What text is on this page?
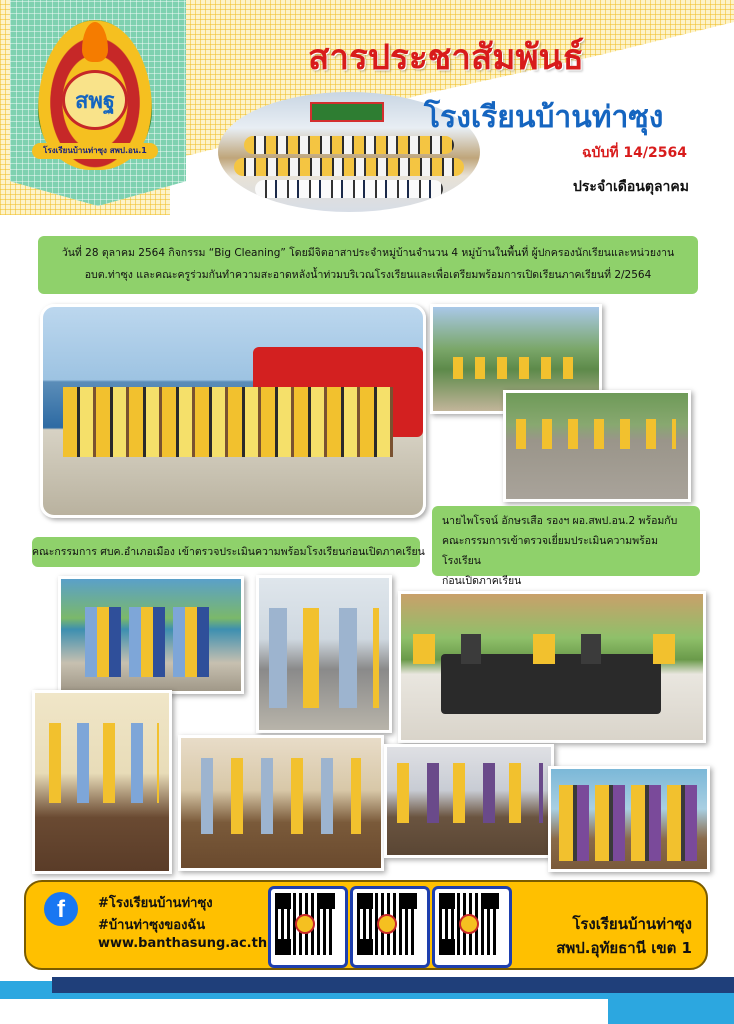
สพฐ
โรงเรียนบ้านท่าซุง สพป.อน.1
สารประชาสัมพันธ์
โรงเรียนบ้านท่าซุง
ฉบับที่ 14/2564
ประจำเดือนตุลาคม
วันที่ 28 ตุลาคม 2564 กิจกรรม “Big Cleaning” โดยมีจิตอาสาประจำหมู่บ้านจำนวน 4 หมู่บ้านในพื้นที่ ผู้ปกครองนักเรียนและหน่วยงาน
อบต.ท่าซุง และคณะครูร่วมกันทำความสะอาดหลังน้ำท่วมบริเวณโรงเรียนและเพื่อเตรียมพร้อมการเปิดเรียนภาคเรียนที่ 2/2564
นายไพโรจน์ อักษรเสือ รองฯ ผอ.สพป.อน.2 พร้อมกับ
คณะกรรมการเข้าตรวจเยี่ยมประเมินความพร้อมโรงเรียน
ก่อนเปิดภาคเรียน
คณะกรรมการ ศบค.อำเภอเมือง เข้าตรวจประเมินความพร้อมโรงเรียนก่อนเปิดภาคเรียน
f	#โรงเรียนบ้านท่าซุง
#บ้านท่าซุงของฉัน
www.banthasung.ac.th
โรงเรียนบ้านท่าซุง
สพป.อุทัยธานี เขต 1
